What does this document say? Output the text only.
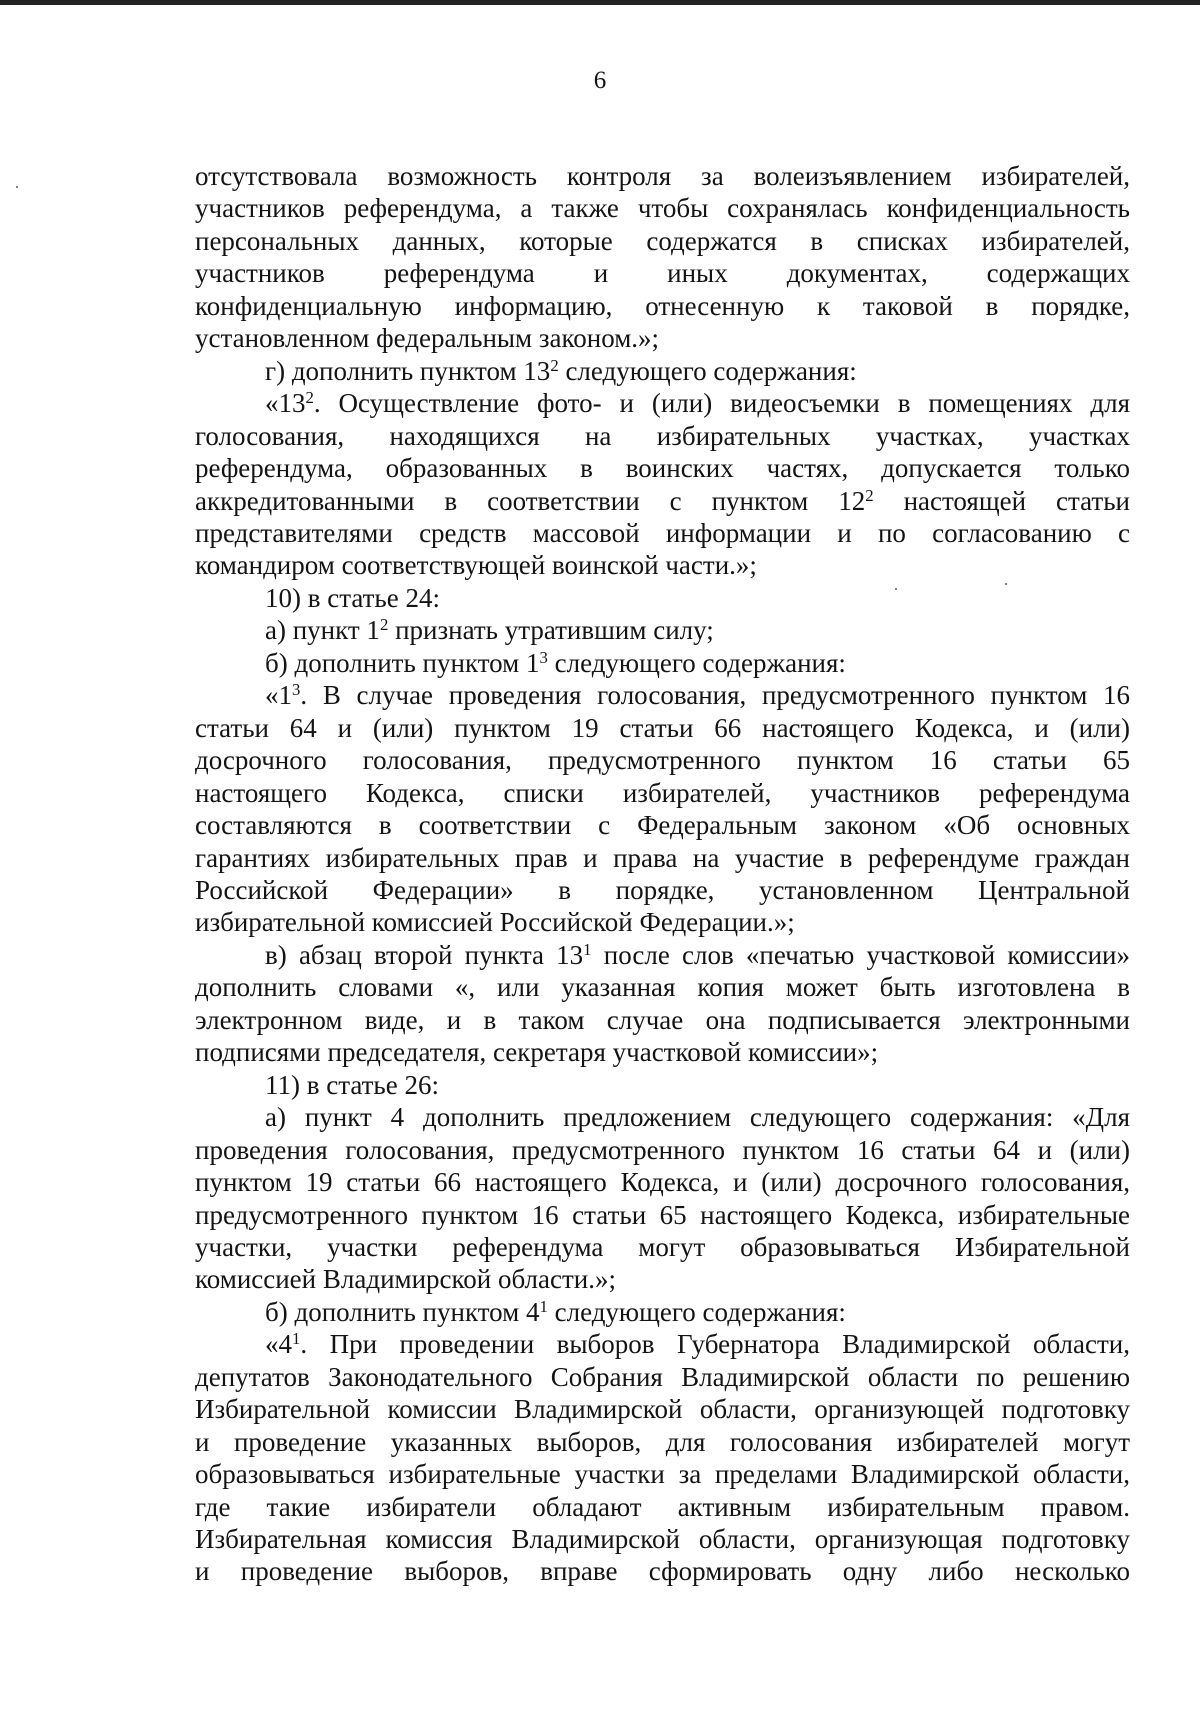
6

отсутствовала возможность контроля за волеизъявлением избирателей,

участников референдума, а также чтобы сохранялась конфиденциальность

персональных данных, которые содержатся в списках избирателей,

участников референдума и иных документах, содержащих

конфиденциальную информацию, отнесенную к таковой в порядке,

установленном федеральным законом.»;

г) дополнить пунктом $13^2$ следующего содержания:

«$13^2$. Осуществление фото- и (или) видеосъемки в помещениях для

голосования, находящихся на избирательных участках, участках

референдума, образованных в воинских частях, допускается только

аккредитованными в соответствии с пунктом $12^2$ настоящей статьи

представителями средств массовой информации и по согласованию с

командиром соответствующей воинской части.»;

10) в статье 24:

а) пункт $1^2$ признать утратившим силу;

б) дополнить пунктом $1^3$ следующего содержания:

«$1^3$. В случае проведения голосования, предусмотренного пунктом 16

статьи 64 и (или) пунктом 19 статьи 66 настоящего Кодекса, и (или)

досрочного голосования, предусмотренного пунктом 16 статьи 65

настоящего Кодекса, списки избирателей, участников референдума

составляются в соответствии с Федеральным законом «Об основных

гарантиях избирательных прав и права на участие в референдуме граждан

Российской Федерации» в порядке, установленном Центральной

избирательной комиссией Российской Федерации.»;

в) абзац второй пункта $13^1$ после слов «печатью участковой комиссии»

дополнить словами «, или указанная копия может быть изготовлена в

электронном виде, и в таком случае она подписывается электронными

подписями председателя, секретаря участковой комиссии»;

11) в статье 26:

а) пункт 4 дополнить предложением следующего содержания: «Для

проведения голосования, предусмотренного пунктом 16 статьи 64 и (или)

пунктом 19 статьи 66 настоящего Кодекса, и (или) досрочного голосования,

предусмотренного пунктом 16 статьи 65 настоящего Кодекса, избирательные

участки, участки референдума могут образовываться Избирательной

комиссией Владимирской области.»;

б) дополнить пунктом $4^1$ следующего содержания:

«$4^1$. При проведении выборов Губернатора Владимирской области,

депутатов Законодательного Собрания Владимирской области по решению

Избирательной комиссии Владимирской области, организующей подготовку

и проведение указанных выборов, для голосования избирателей могут

образовываться избирательные участки за пределами Владимирской области,

где такие избиратели обладают активным избирательным правом.

Избирательная комиссия Владимирской области, организующая подготовку

и проведение выборов, вправе сформировать одну либо несколько
